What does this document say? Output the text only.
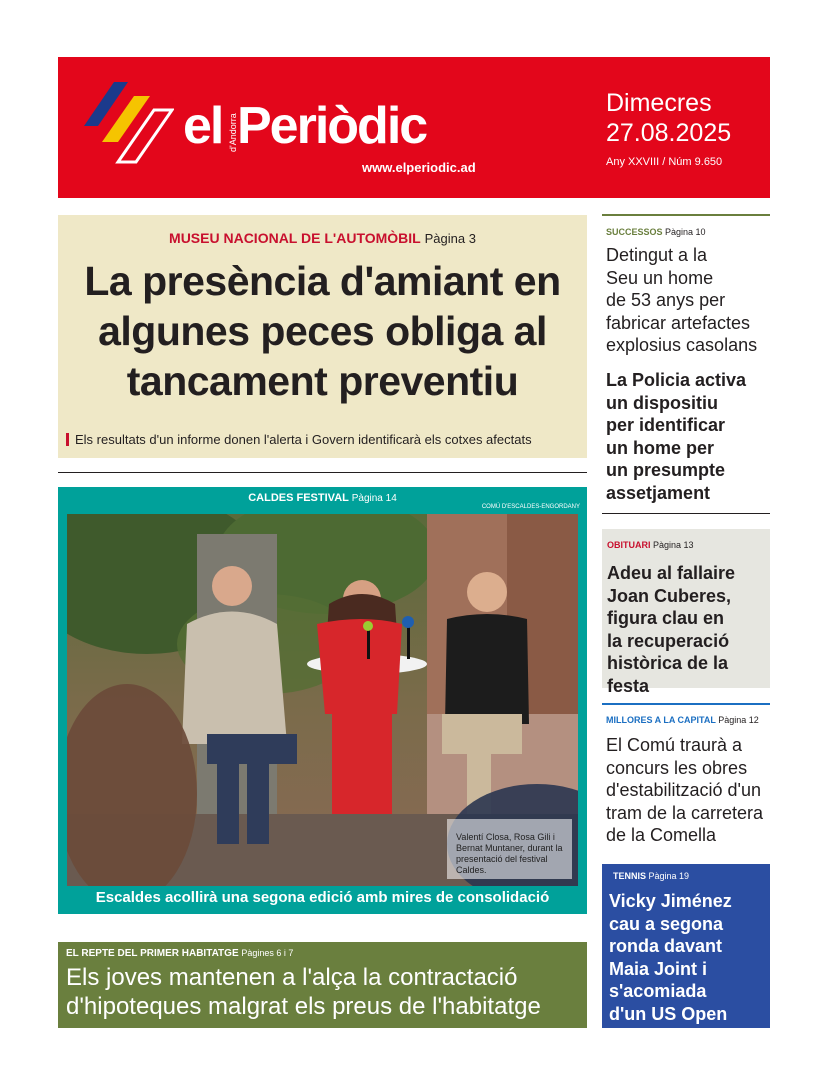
el d'Andorra Periòdic
www.elperiodic.ad
Dimecres
27.08.2025
Any XXVIII / Núm 9.650
MUSEU NACIONAL DE L'AUTOMÒBIL Pàgina 3
La presència d'amiant en
algunes peces obliga al
tancament preventiu
Els resultats d'un informe donen l'alerta i Govern identificarà els cotxes afectats
CALDES FESTIVAL Pàgina 14
COMÚ D'ESCALDES-ENGORDANY
Valentí Closa, Rosa Gili i Bernat Muntaner, durant la presentació del festival Caldes.
Escaldes acollirà una segona edició amb mires de consolidació
EL REPTE DEL PRIMER HABITATGE Pàgines 6 i 7
Els joves mantenen a l'alça la contractació
d'hipoteques malgrat els preus de l'habitatge
SUCCESSOS Pàgina 10
Detingut a la
Seu un home
de 53 anys per
fabricar artefactes
explosius casolans
La Policia activa
un dispositiu
per identificar
un home per
un presumpte
assetjament
OBITUARI Pàgina 13
Adeu al fallaire
Joan Cuberes,
figura clau en
la recuperació
històrica de la festa
MILLORES A LA CAPITAL Pàgina 12
El Comú traurà a
concurs les obres
d'estabilització d'un
tram de la carretera
de la Comella
TENNIS Pàgina 19
Vicky Jiménez
cau a segona
ronda davant
Maia Joint i
s'acomiada
d'un US Open
